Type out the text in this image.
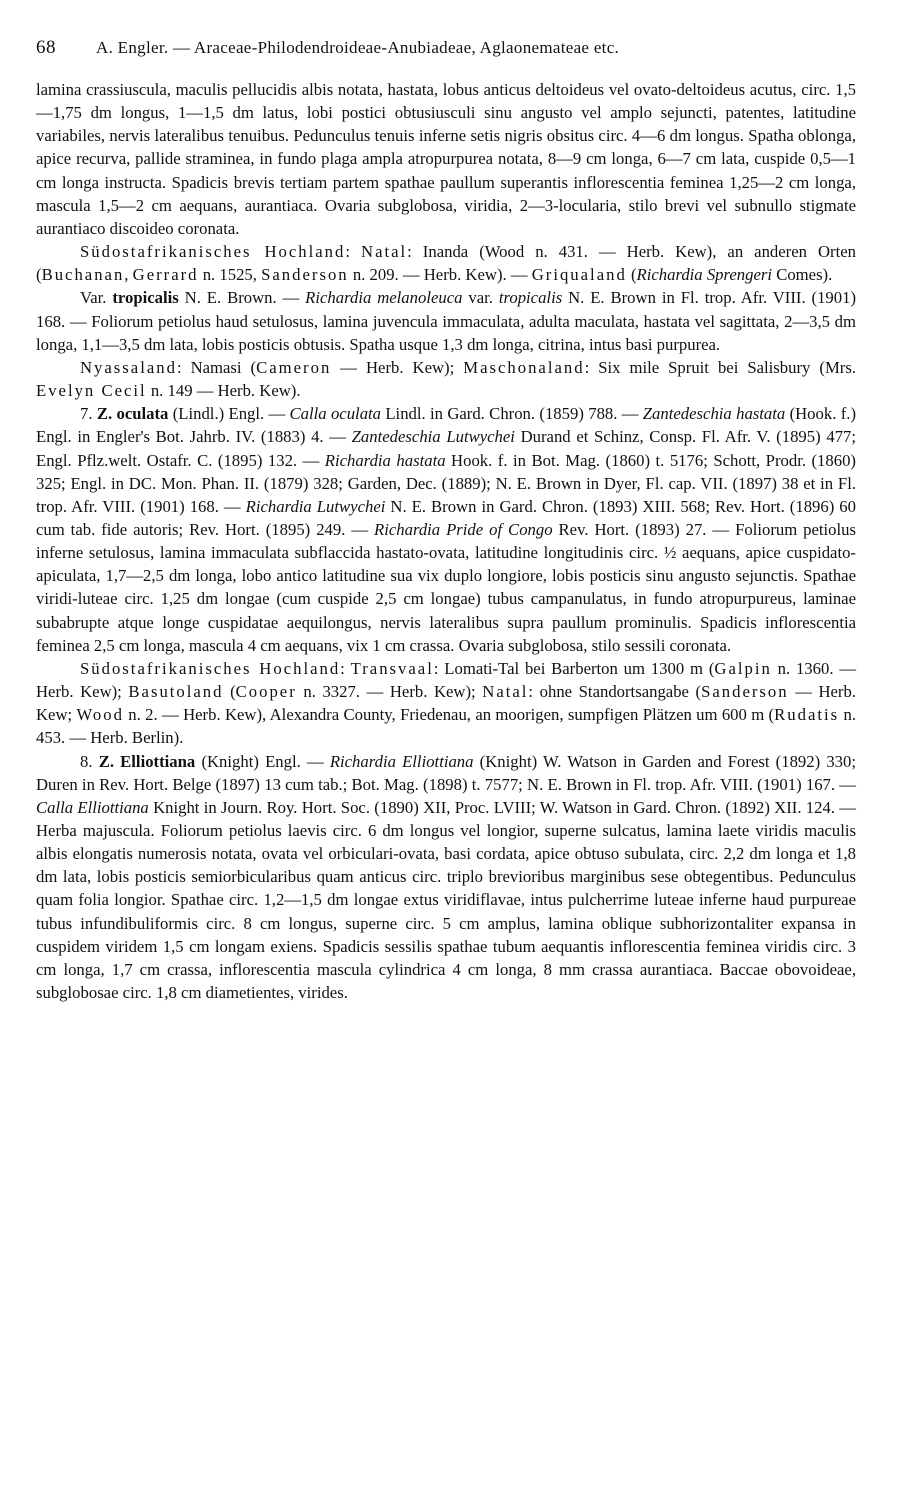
68	A. Engler. — Araceae-Philodendroideae-Anubiadeae, Aglaonemateae etc.

lamina crassiuscula, maculis pellucidis albis notata, hastata, lobus anticus deltoideus vel ovato-deltoideus acutus, circ. 1,5—1,75 dm longus, 1—1,5 dm latus, lobi postici obtusiusculi sinu angusto vel amplo sejuncti, patentes, latitudine variabiles, nervis lateralibus tenuibus. Pedunculus tenuis inferne setis nigris obsitus circ. 4—6 dm longus. Spatha oblonga, apice recurva, pallide straminea, in fundo plaga ampla atropurpurea notata, 8—9 cm longa, 6—7 cm lata, cuspide 0,5—1 cm longa instructa. Spadicis brevis tertiam partem spathae paullum superantis inflorescentia feminea 1,25—2 cm longa, mascula 1,5—2 cm aequans, aurantiaca. Ovaria subglobosa, viridia, 2—3-locularia, stilo brevi vel subnullo stigmate aurantiaco discoideo coronata.

Südostafrikanisches Hochland: Natal: Inanda (Wood n. 431. — Herb. Kew), an anderen Orten (Buchanan, Gerrard n. 1525, Sanderson n. 209. — Herb. Kew). — Griqualand (Richardia Sprengeri Comes).

Var. tropicalis N. E. Brown. — Richardia melanoleuca var. tropicalis N. E. Brown in Fl. trop. Afr. VIII. (1901) 168. — Foliorum petiolus haud setulosus, lamina juvencula immaculata, adulta maculata, hastata vel sagittata, 2—3,5 dm longa, 1,1—3,5 dm lata, lobis posticis obtusis. Spatha usque 1,3 dm longa, citrina, intus basi purpurea.

Nyassaland: Namasi (Cameron — Herb. Kew); Maschonaland: Six mile Spruit bei Salisbury (Mrs. Evelyn Cecil n. 149 — Herb. Kew).

7. Z. oculata (Lindl.) Engl. — Calla oculata Lindl. in Gard. Chron. (1859) 788. — Zantedeschia hastata (Hook. f.) Engl. in Engler's Bot. Jahrb. IV. (1883) 4. — Zantedeschia Lutwychei Durand et Schinz, Consp. Fl. Afr. V. (1895) 477; Engl. Pflz.welt. Ostafr. C. (1895) 132. — Richardia hastata Hook. f. in Bot. Mag. (1860) t. 5176; Schott, Prodr. (1860) 325; Engl. in DC. Mon. Phan. II. (1879) 328; Garden, Dec. (1889); N. E. Brown in Dyer, Fl. cap. VII. (1897) 38 et in Fl. trop. Afr. VIII. (1901) 168. — Richardia Lutwychei N. E. Brown in Gard. Chron. (1893) XIII. 568; Rev. Hort. (1896) 60 cum tab. fide autoris; Rev. Hort. (1895) 249. — Richardia Pride of Congo Rev. Hort. (1893) 27. — Foliorum petiolus inferne setulosus, lamina immaculata subflaccida hastato-ovata, latitudine longitudinis circ. ½ aequans, apice cuspidato-apiculata, 1,7—2,5 dm longa, lobo antico latitudine sua vix duplo longiore, lobis posticis sinu angusto sejunctis. Spathae viridi-luteae circ. 1,25 dm longae (cum cuspide 2,5 cm longae) tubus campanulatus, in fundo atropurpureus, laminae subabrupte atque longe cuspidatae aequilongus, nervis lateralibus supra paullum prominulis. Spadicis inflorescentia feminea 2,5 cm longa, mascula 4 cm aequans, vix 1 cm crassa. Ovaria subglobosa, stilo sessili coronata.

Südostafrikanisches Hochland: Transvaal: Lomati-Tal bei Barberton um 1300 m (Galpin n. 1360. — Herb. Kew); Basutoland (Cooper n. 3327. — Herb. Kew); Natal: ohne Standortsangabe (Sanderson — Herb. Kew; Wood n. 2. — Herb. Kew), Alexandra County, Friedenau, an moorigen, sumpfigen Plätzen um 600 m (Rudatis n. 453. — Herb. Berlin).

8. Z. Elliottiana (Knight) Engl. — Richardia Elliottiana (Knight) W. Watson in Garden and Forest (1892) 330; Duren in Rev. Hort. Belge (1897) 13 cum tab.; Bot. Mag. (1898) t. 7577; N. E. Brown in Fl. trop. Afr. VIII. (1901) 167. — Calla Elliottiana Knight in Journ. Roy. Hort. Soc. (1890) XII, Proc. LVIII; W. Watson in Gard. Chron. (1892) XII. 124. — Herba majuscula. Foliorum petiolus laevis circ. 6 dm longus vel longior, superne sulcatus, lamina laete viridis maculis albis elongatis numerosis notata, ovata vel orbiculari-ovata, basi cordata, apice obtuso subulata, circ. 2,2 dm longa et 1,8 dm lata, lobis posticis semiorbicularibus quam anticus circ. triplo brevioribus marginibus sese obtegentibus. Pedunculus quam folia longior. Spathae circ. 1,2—1,5 dm longae extus viridiflavae, intus pulcherrime luteae inferne haud purpureae tubus infundibuliformis circ. 8 cm longus, superne circ. 5 cm amplus, lamina oblique subhorizontaliter expansa in cuspidem viridem 1,5 cm longam exiens. Spadicis sessilis spathae tubum aequantis inflorescentia feminea viridis circ. 3 cm longa, 1,7 cm crassa, inflorescentia mascula cylindrica 4 cm longa, 8 mm crassa aurantiaca. Baccae obovoideae, subglobosae circ. 1,8 cm diametientes, virides.
